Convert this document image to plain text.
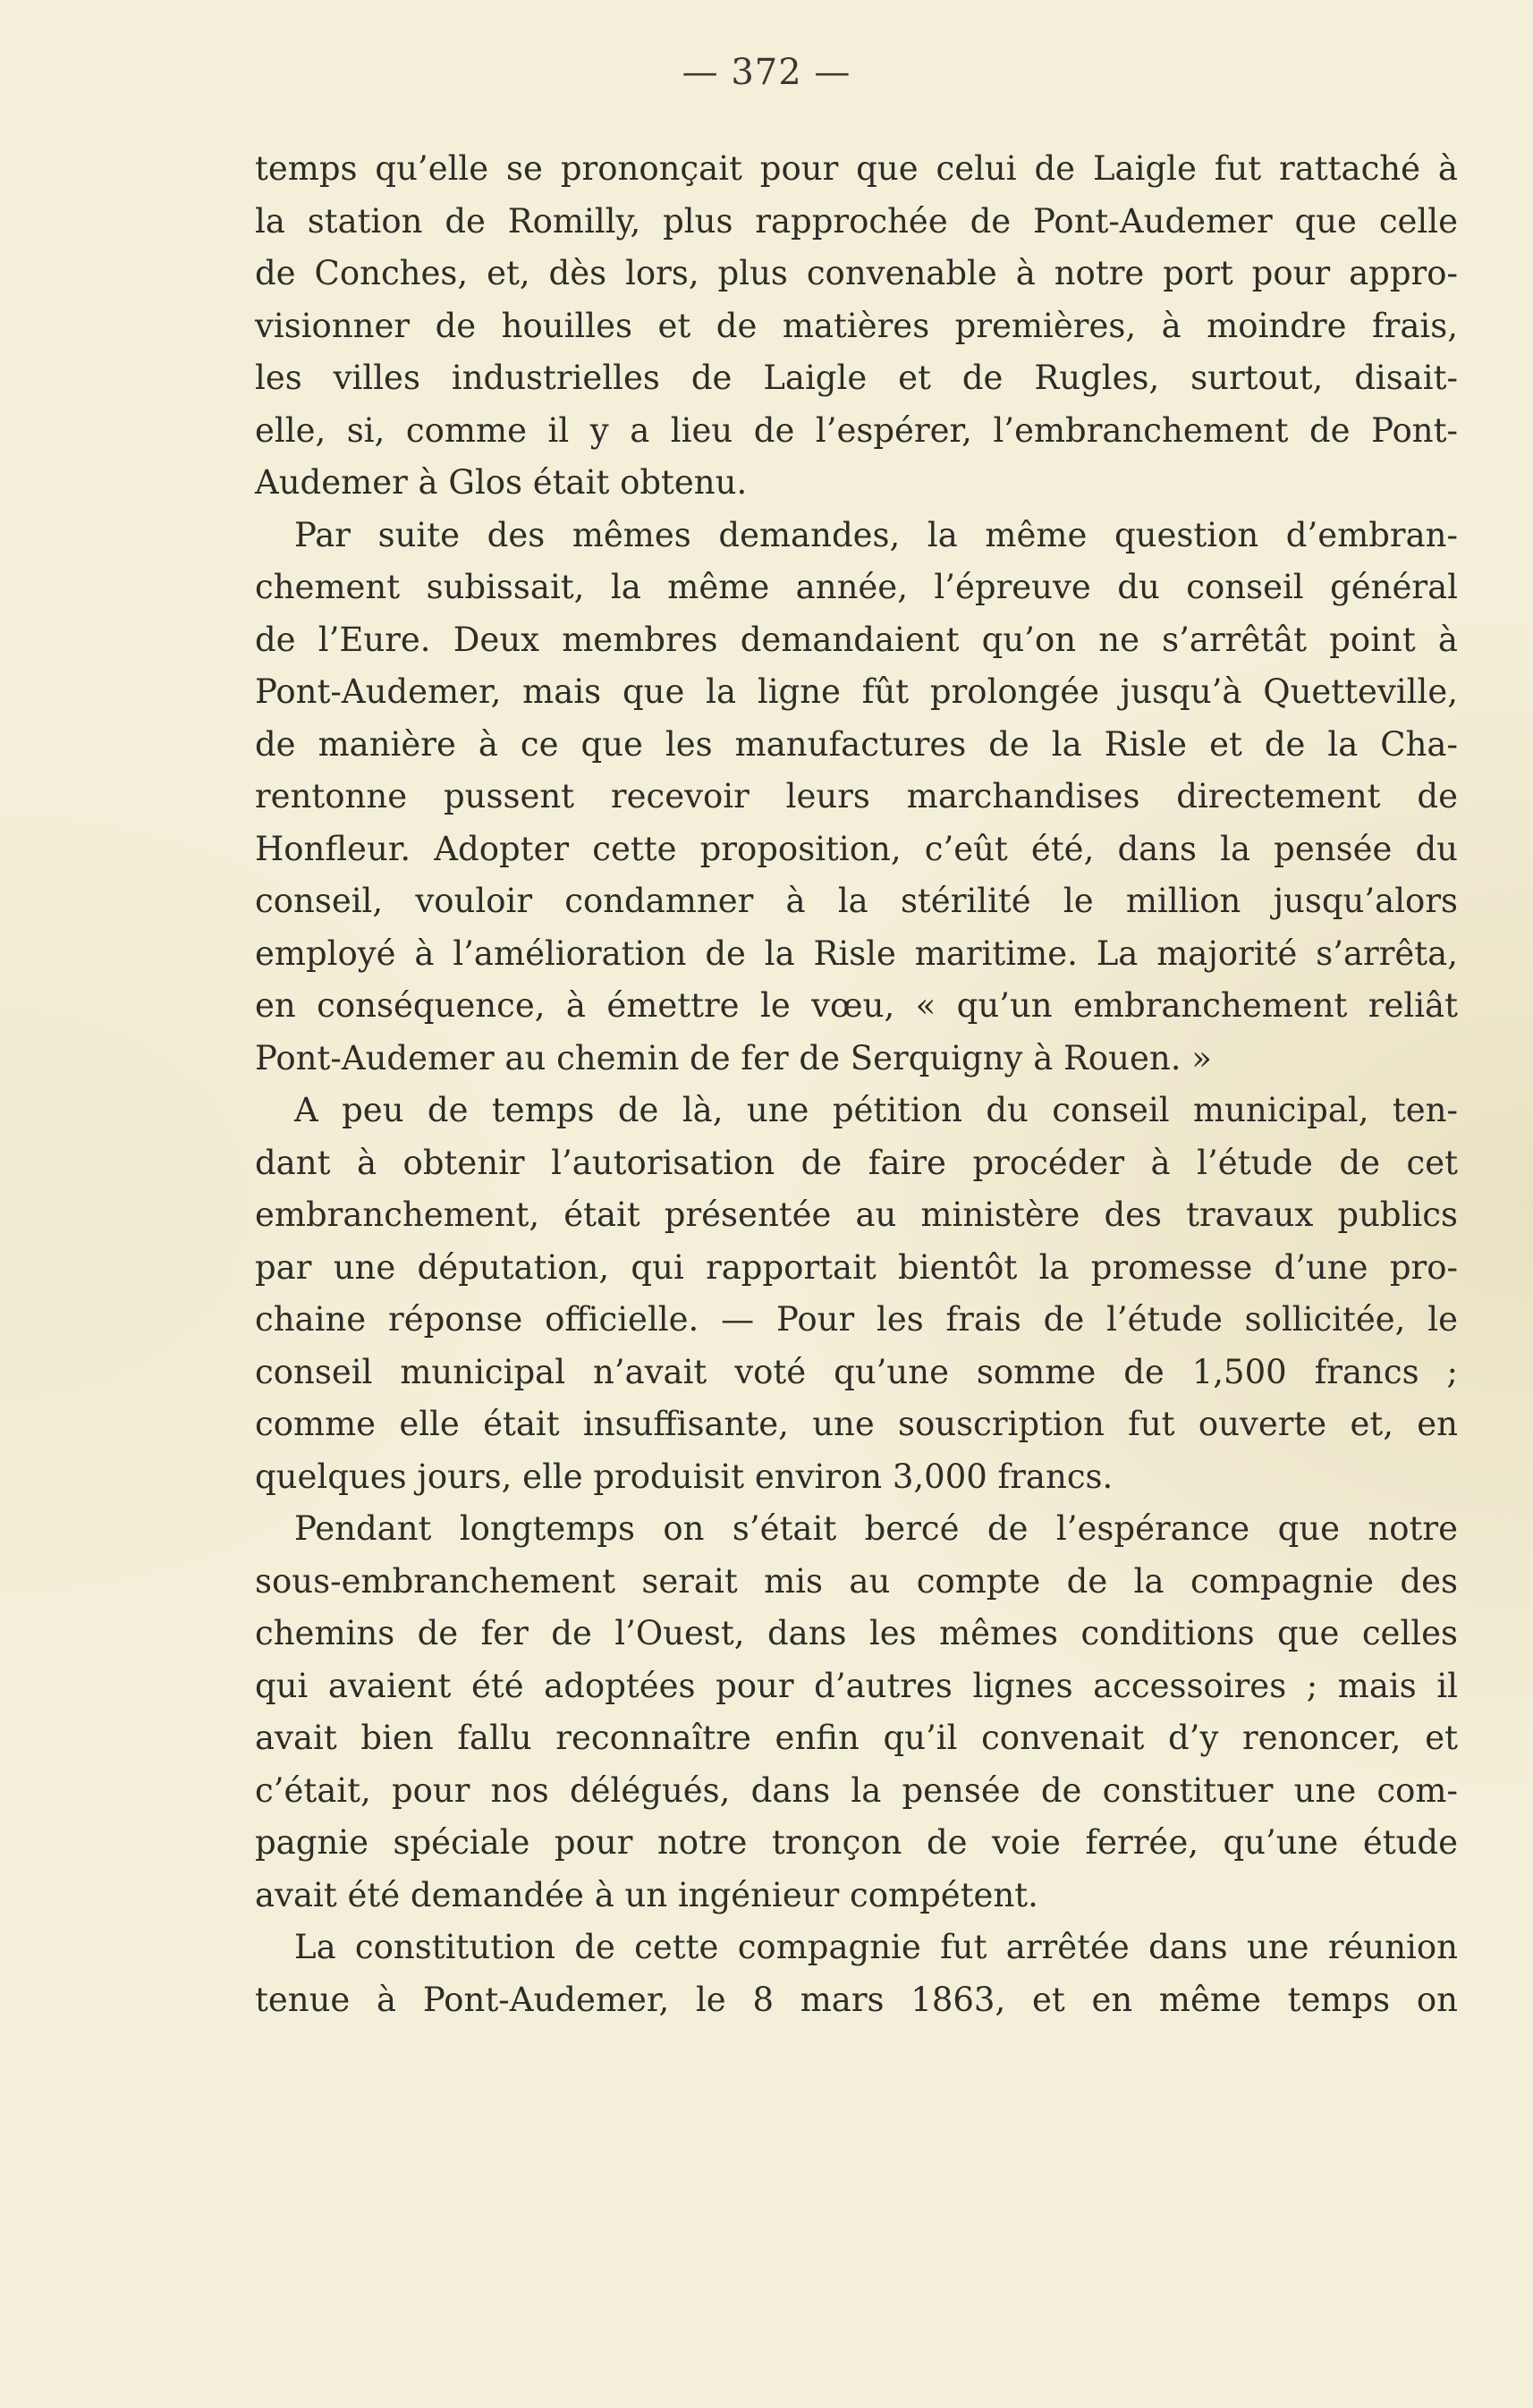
— 372 —
temps qu’elle se prononçait pour que celui de Laigle fut rattaché à
la station de Romilly, plus rapprochée de Pont-Audemer que celle
de Conches, et, dès lors, plus convenable à notre port pour appro-
visionner de houilles et de matières premières, à moindre frais,
les villes industrielles de Laigle et de Rugles, surtout, disait-
elle, si, comme il y a lieu de l’espérer, l’embranchement de Pont-
Audemer à Glos était obtenu.
Par suite des mêmes demandes, la même question d’embran-
chement subissait, la même année, l’épreuve du conseil général
de l’Eure. Deux membres demandaient qu’on ne s’arrêtât point à
Pont-Audemer, mais que la ligne fût prolongée jusqu’à Quetteville,
de manière à ce que les manufactures de la Risle et de la Cha-
rentonne pussent recevoir leurs marchandises directement de
Honfleur. Adopter cette proposition, c’eût été, dans la pensée du
conseil, vouloir condamner à la stérilité le million jusqu’alors
employé à l’amélioration de la Risle maritime. La majorité s’arrêta,
en conséquence, à émettre le vœu, « qu’un embranchement reliât
Pont-Audemer au chemin de fer de Serquigny à Rouen. »
A peu de temps de là, une pétition du conseil municipal, ten-
dant à obtenir l’autorisation de faire procéder à l’étude de cet
embranchement, était présentée au ministère des travaux publics
par une députation, qui rapportait bientôt la promesse d’une pro-
chaine réponse officielle. — Pour les frais de l’étude sollicitée, le
conseil municipal n’avait voté qu’une somme de 1,500 francs ;
comme elle était insuffisante, une souscription fut ouverte et, en
quelques jours, elle produisit environ 3,000 francs.
Pendant longtemps on s’était bercé de l’espérance que notre
sous-embranchement serait mis au compte de la compagnie des
chemins de fer de l’Ouest, dans les mêmes conditions que celles
qui avaient été adoptées pour d’autres lignes accessoires ; mais il
avait bien fallu reconnaître enfin qu’il convenait d’y renoncer, et
c’était, pour nos délégués, dans la pensée de constituer une com-
pagnie spéciale pour notre tronçon de voie ferrée, qu’une étude
avait été demandée à un ingénieur compétent.
La constitution de cette compagnie fut arrêtée dans une réunion
tenue à Pont-Audemer, le 8 mars 1863, et en même temps on
